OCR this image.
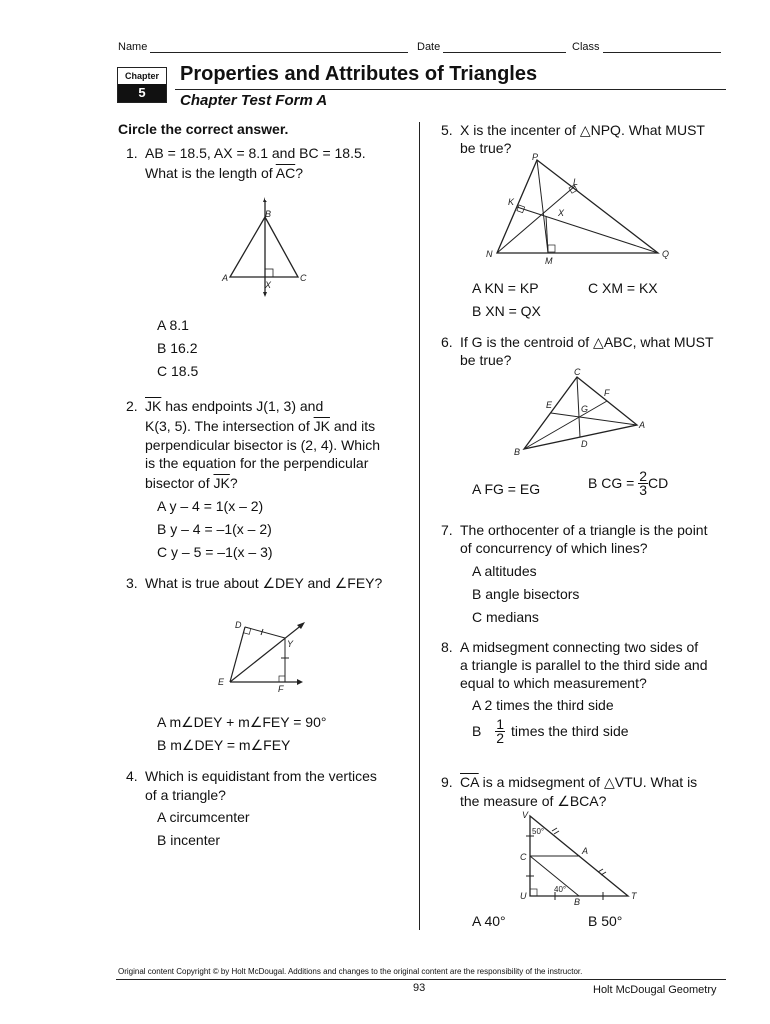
Name	Date	Class
Chapter
5
Properties and Attributes of Triangles
Chapter Test Form A
Circle the correct answer.
1. AB = 18.5, AX = 8.1 and BC = 18.5.
What is the length of $\overline{AC}$?
B
A	C
X
A 8.1
B 16.2
C 18.5
2. $\overline{JK}$ has endpoints J(1, 3) and
K(3, 5). The intersection of $\overline{JK}$ and its
perpendicular bisector is (2, 4). Which
is the equation for the perpendicular
bisector of $\overline{JK}$?
A y – 4 = 1(x – 2)
B y – 4 = –1(x – 2)
C y – 5 = –1(x – 3)
3. What is true about ∠DEY and ∠FEY?
D
Y
E
F
A m∠DEY + m∠FEY = 90°
B m∠DEY = m∠FEY
4. Which is equidistant from the vertices
of a triangle?
A circumcenter
B incenter
5. X is the incenter of △NPQ. What MUST
be true?
P
L
K
X
N
M
Q
A KN = KP	C XM = KX
B XN = QX
6. If G is the centroid of △ABC, what MUST
be true?
C
F
E	G
A
D
B
A FG = EG	B CG = $\frac{2}{3}$ CD
7. The orthocenter of a triangle is the point
of concurrency of which lines?
A altitudes
B angle bisectors
C medians
8. A midsegment connecting two sides of
a triangle is parallel to the third side and
equal to which measurement?
A 2 times the third side
B $\frac{1}{2}$ times the third side
9. $\overline{CA}$ is a midsegment of △VTU. What is
the measure of ∠BCA?
V
50°
A
C
40°
U
B
T
A 40°	B 50°
Original content Copyright © by Holt McDougal. Additions and changes to the original content are the responsibility of the instructor.
93	Holt McDougal Geometry
